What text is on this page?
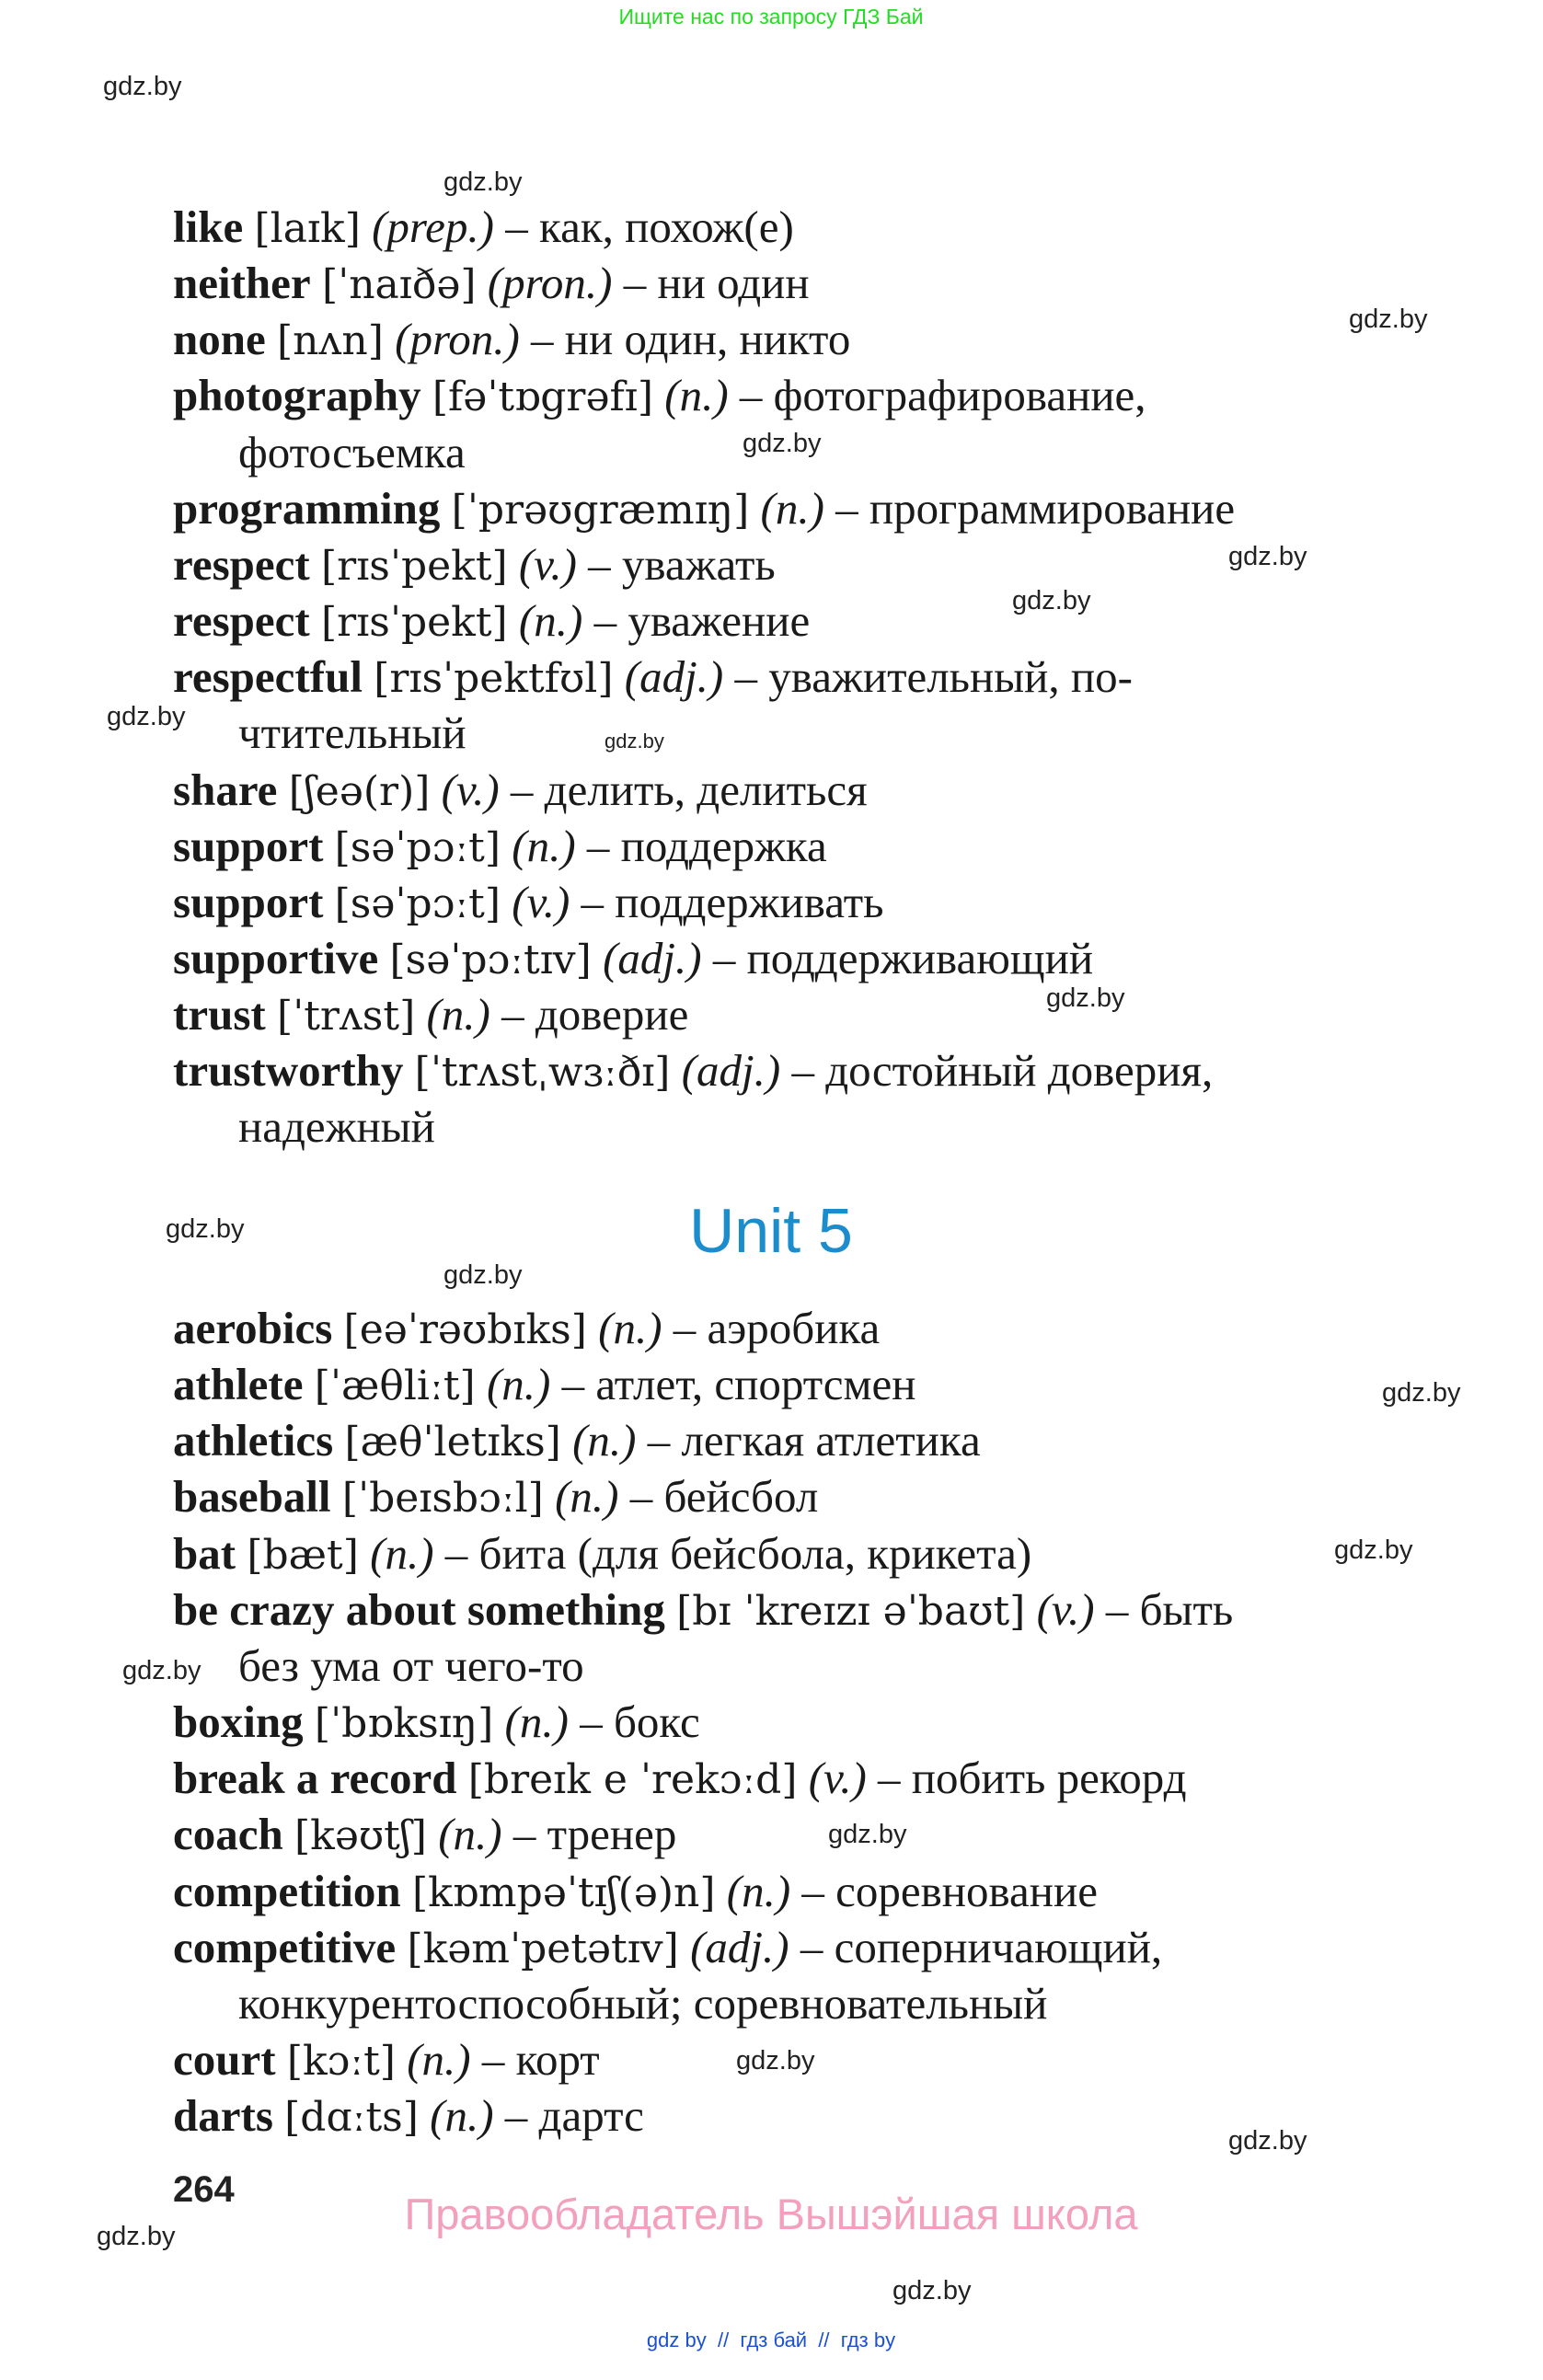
Ищите нас по запросу ГДЗ Бай
like [laɪk] (prep.) – как, похож(е)
neither [ˈnaɪðə] (pron.) – ни один
none [nʌn] (pron.) – ни один, никто
photography [fəˈtɒgrəfɪ] (n.) – фотографирование,
фотосъемка
programming [ˈprəʊgræmɪŋ] (n.) – программирование
respect [rɪsˈpekt] (v.) – уважать
respect [rɪsˈpekt] (n.) – уважение
respectful [rɪsˈpektfʊl] (adj.) – уважительный, по-
чтительный
share [ʃeə(r)] (v.) – делить, делиться
support [səˈpɔːt] (n.) – поддержка
support [səˈpɔːt] (v.) – поддерживать
supportive [səˈpɔːtɪv] (adj.) – поддерживающий
trust [ˈtrʌst] (n.) – доверие
trustworthy [ˈtrʌstˌwɜːðɪ] (adj.) – достойный доверия,
надежный
aerobics [eəˈrəʊbɪks] (n.) – аэробика
athlete [ˈæθliːt] (n.) – атлет, спортсмен
athletics [æθˈletɪks] (n.) – легкая атлетика
baseball [ˈbeɪsbɔːl] (n.) – бейсбол
bat [bæt] (n.) – бита (для бейсбола, крикета)
be crazy about something [bɪ ˈkreɪzɪ əˈbaʊt] (v.) – быть
без ума от чего-то
boxing [ˈbɒksɪŋ] (n.) – бокс
break a record [breɪk e ˈrekɔːd] (v.) – побить рекорд
coach [kəʊtʃ] (n.) – тренер
competition [kɒmpəˈtɪʃ(ə)n] (n.) – соревнование
competitive [kəmˈpetətɪv] (adj.) – соперничающий,
конкурентоспособный; соревновательный
court [kɔːt] (n.) – корт
darts [dɑːts] (n.) – дартс
Unit 5
gdz.by
gdz.by
gdz.by
gdz.by
gdz.by
gdz.by
gdz.by
gdz.by
gdz.by
gdz.by
gdz.by
gdz.by
gdz.by
gdz.by
gdz.by
gdz.by
gdz.by
gdz.by
gdz.by
264	Правообладатель Вышэйшая школа
gdz by  //  гдз бай  //  гдз by
